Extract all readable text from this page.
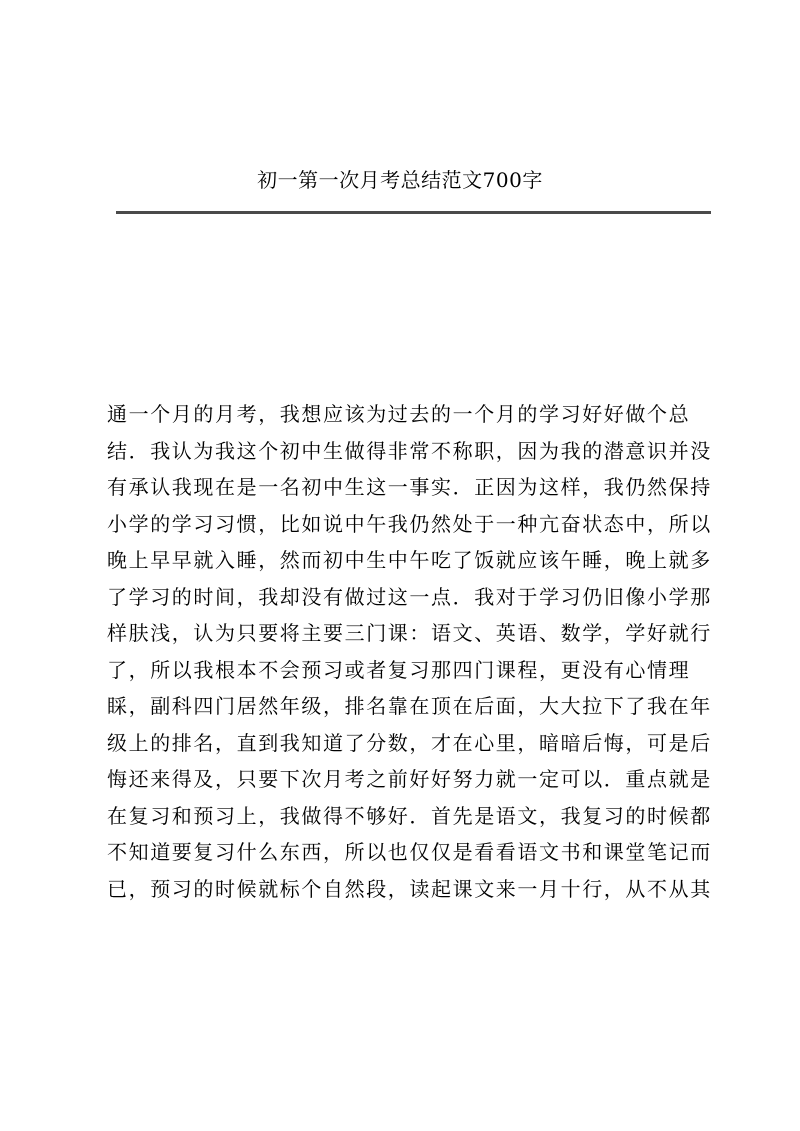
初一第一次月考总结范文700字
通一个月的月考，我想应该为过去的一个月的学习好好做个总
结．我认为我这个初中生做得非常不称职，因为我的潜意识并没
有承认我现在是一名初中生这一事实．正因为这样，我仍然保持
小学的学习习惯，比如说中午我仍然处于一种亢奋状态中，所以
晚上早早就入睡，然而初中生中午吃了饭就应该午睡，晚上就多
了学习的时间，我却没有做过这一点．我对于学习仍旧像小学那
样肤浅，认为只要将主要三门课：语文、英语、数学，学好就行
了，所以我根本不会预习或者复习那四门课程，更没有心情理
睬，副科四门居然年级，排名靠在顶在后面，大大拉下了我在年
级上的排名，直到我知道了分数，才在心里，暗暗后悔，可是后
悔还来得及，只要下次月考之前好好努力就一定可以．重点就是
在复习和预习上，我做得不够好．首先是语文，我复习的时候都
不知道要复习什么东西，所以也仅仅是看看语文书和课堂笔记而
已，预习的时候就标个自然段，读起课文来一月十行，从不从其
